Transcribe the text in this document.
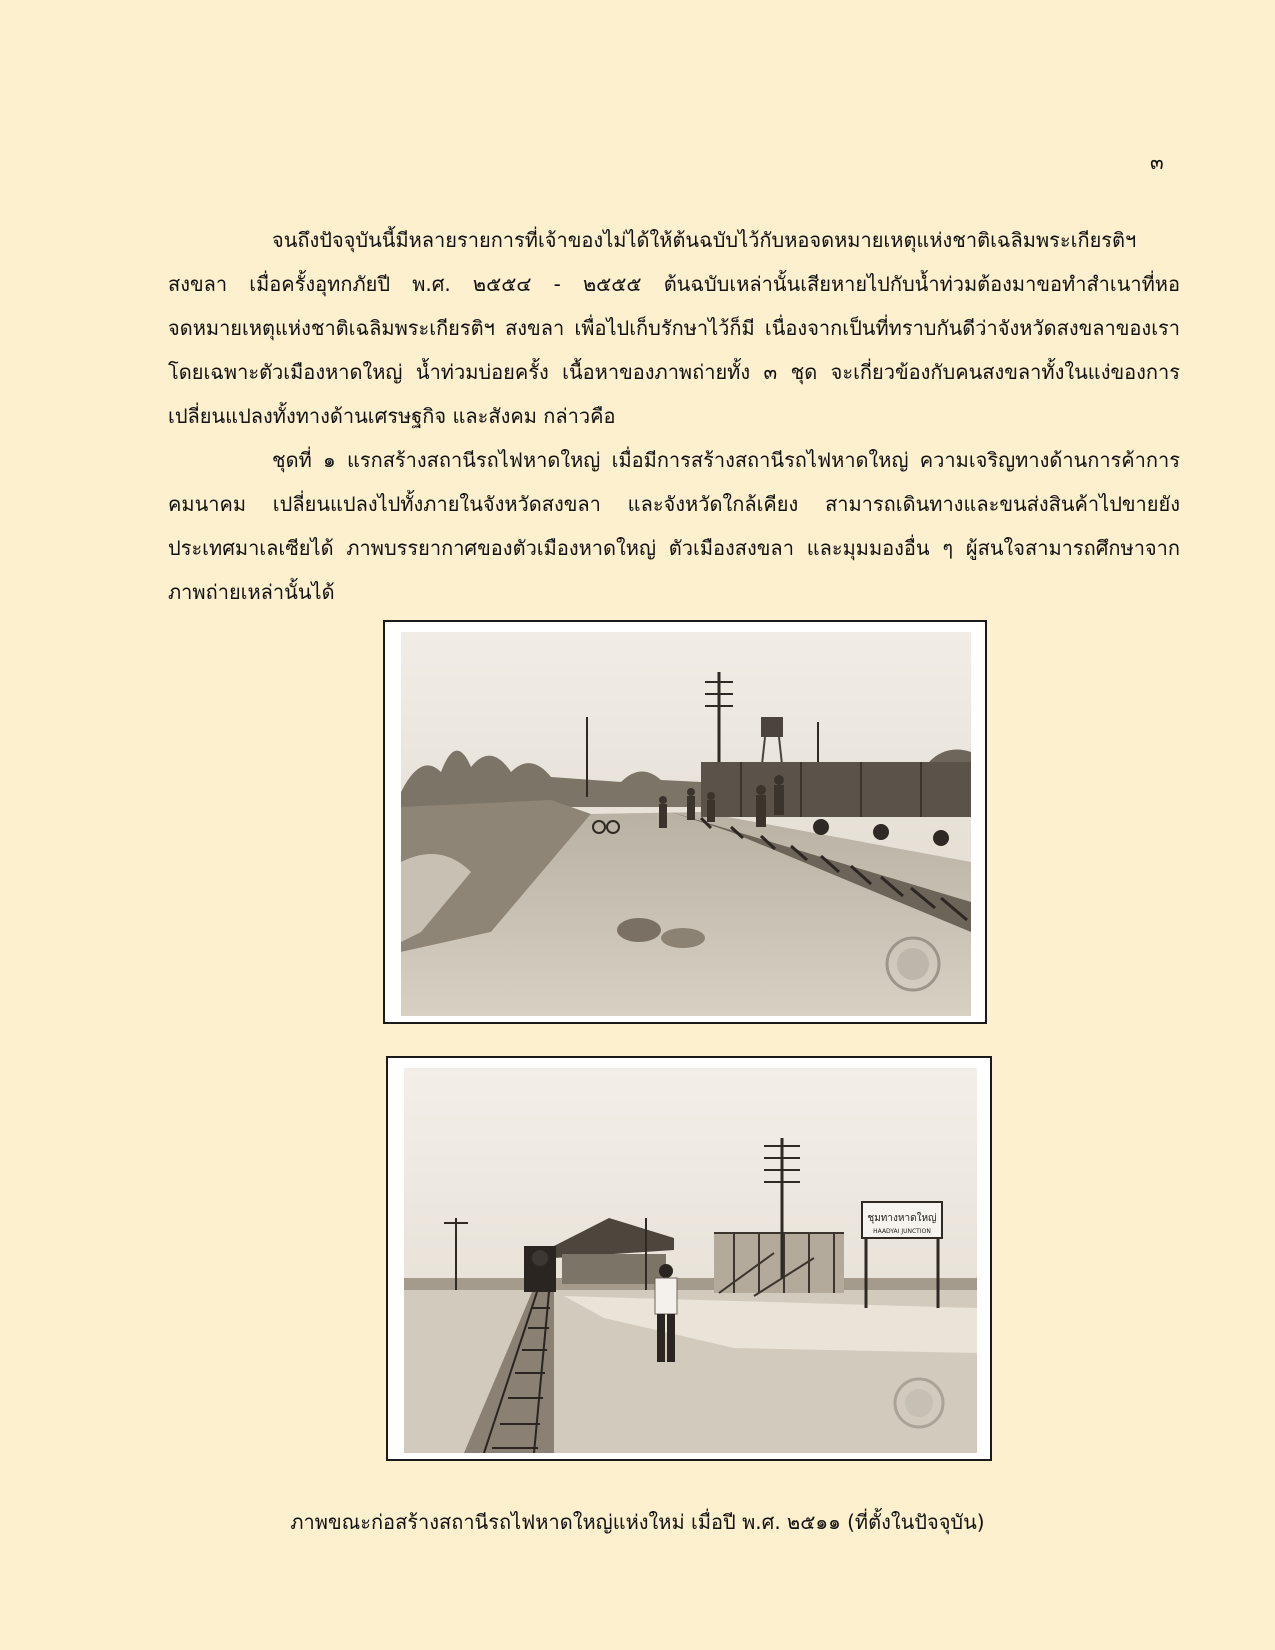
๓

จนถึงปัจจุบันนี้มีหลายรายการที่เจ้าของไม่ได้ให้ต้นฉบับไว้กับหอจดหมายเหตุแห่งชาติเฉลิมพระเกียรติฯ สงขลา เมื่อครั้งอุทกภัยปี พ.ศ. ๒๕๕๔ - ๒๕๕๕ ต้นฉบับเหล่านั้นเสียหายไปกับน้ำท่วมต้องมาขอทำสำเนาที่หอจดหมายเหตุแห่งชาติเฉลิมพระเกียรติฯ สงขลา เพื่อไปเก็บรักษาไว้ก็มี เนื่องจากเป็นที่ทราบกันดีว่าจังหวัดสงขลาของเราโดยเฉพาะตัวเมืองหาดใหญ่ น้ำท่วมบ่อยครั้ง เนื้อหาของภาพถ่ายทั้ง ๓ ชุด จะเกี่ยวข้องกับคนสงขลาทั้งในแง่ของการเปลี่ยนแปลงทั้งทางด้านเศรษฐกิจ และสังคม กล่าวคือ

ชุดที่ ๑ แรกสร้างสถานีรถไฟหาดใหญ่ เมื่อมีการสร้างสถานีรถไฟหาดใหญ่ ความเจริญทางด้านการค้าการคมนาคม เปลี่ยนแปลงไปทั้งภายในจังหวัดสงขลา และจังหวัดใกล้เคียง สามารถเดินทางและขนส่งสินค้าไปขายยังประเทศมาเลเซียได้ ภาพบรรยากาศของตัวเมืองหาดใหญ่ ตัวเมืองสงขลา และมุมมองอื่น ๆ ผู้สนใจสามารถศึกษาจากภาพถ่ายเหล่านั้นได้

ชุมทางหาดใหญ่
HAADYAI JUNCTION
ภาพขณะก่อสร้างสถานีรถไฟหาดใหญ่แห่งใหม่ เมื่อปี พ.ศ. ๒๕๑๑ (ที่ตั้งในปัจจุบัน)
